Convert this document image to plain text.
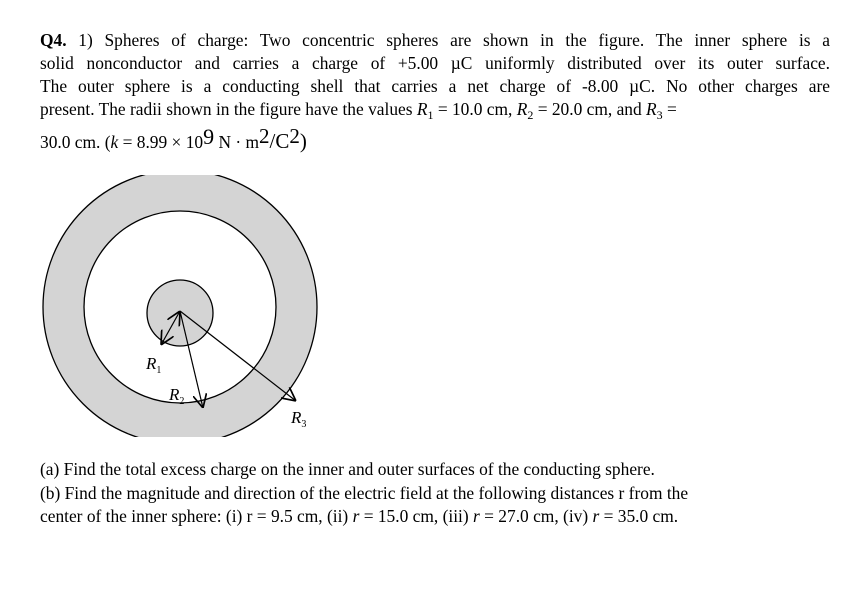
Q4. 1) Spheres of charge: Two concentric spheres are shown in the figure. The inner sphere is a
solid nonconductor and carries a charge of +5.00 µC uniformly distributed over its outer surface.
The outer sphere is a conducting shell that carries a net charge of -8.00 µC. No other charges are
present. The radii shown in the figure have the values $R_1 = 10.0$ cm, $R_2 = 20.0$ cm, and $R_3$ =
30.0 cm. ($k = 8.99 \times 10^9$ $N \cdot m^2/C^2$)
$R_1$
$R_2$
$R_3$
(a) Find the total excess charge on the inner and outer surfaces of the conducting sphere.
(b) Find the magnitude and direction of the electric field at the following distances r from the
center of the inner sphere: (i) r = 9.5 cm, (ii) r = 15.0 cm, (iii) r = 27.0 cm, (iv) r = 35.0 cm.
